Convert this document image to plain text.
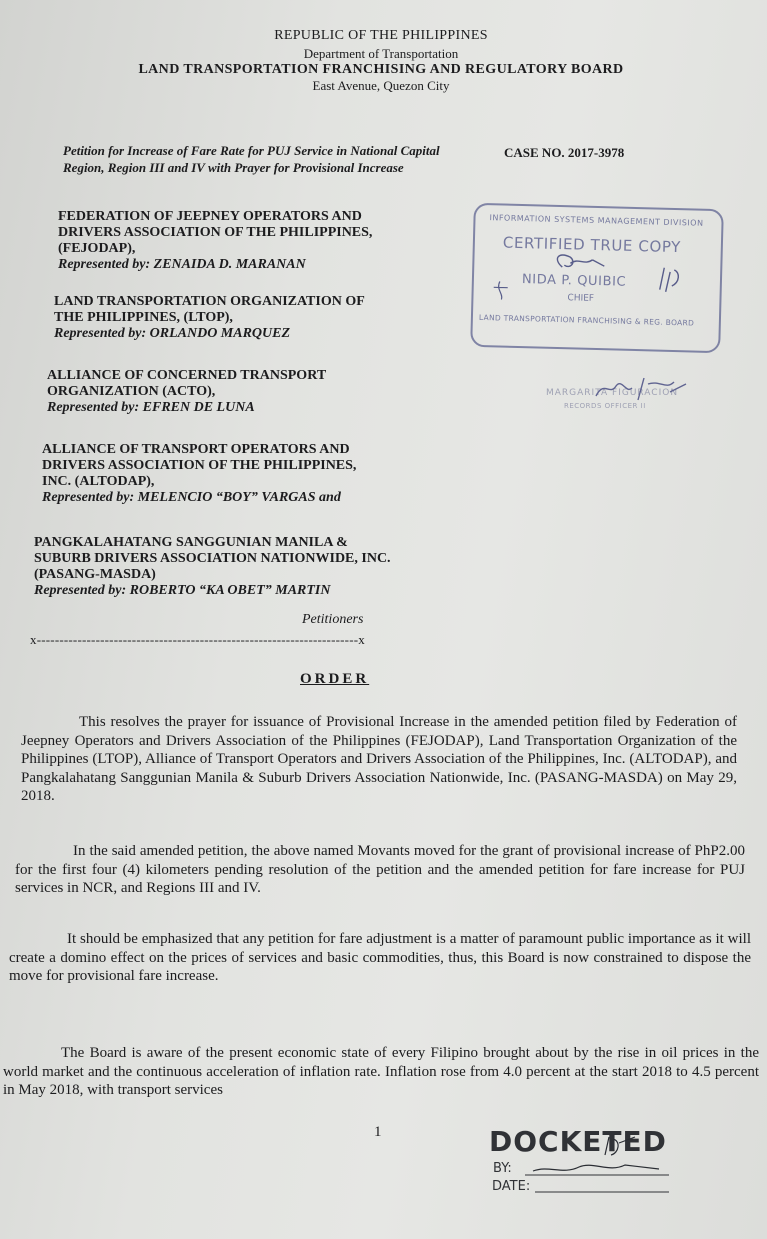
REPUBLIC OF THE PHILIPPINES
Department of Transportation
LAND TRANSPORTATION FRANCHISING AND REGULATORY BOARD
East Avenue, Quezon City
Petition for Increase of Fare Rate for PUJ Service in National Capital Region, Region III and IV with Prayer for Provisional Increase
CASE NO. 2017-3978
FEDERATION OF JEEPNEY OPERATORS AND
DRIVERS ASSOCIATION OF THE PHILIPPINES,
(FEJODAP),
Represented by: ZENAIDA D. MARANAN
LAND TRANSPORTATION ORGANIZATION OF
THE PHILIPPINES, (LTOP),
Represented by: ORLANDO MARQUEZ
ALLIANCE OF CONCERNED TRANSPORT
ORGANIZATION (ACTO),
Represented by: EFREN DE LUNA
ALLIANCE OF TRANSPORT OPERATORS AND
DRIVERS ASSOCIATION OF THE PHILIPPINES,
INC. (ALTODAP),
Represented by: MELENCIO “BOY” VARGAS and
PANGKALAHATANG SANGGUNIAN MANILA &
SUBURB DRIVERS ASSOCIATION NATIONWIDE, INC.
(PASANG-MASDA)
Represented by: ROBERTO “KA OBET” MARTIN
Petitioners
x-----------------------------------------------------------------------x
ORDER
This resolves the prayer for issuance of Provisional Increase in the amended petition filed by Federation of Jeepney Operators and Drivers Association of the Philippines (FEJODAP), Land Transportation Organization of the Philippines (LTOP), Alliance of Transport Operators and Drivers Association of the Philippines, Inc. (ALTODAP), and Pangkalahatang Sanggunian Manila & Suburb Drivers Association Nationwide, Inc. (PASANG-MASDA) on May 29, 2018.
In the said amended petition, the above named Movants moved for the grant of provisional increase of PhP2.00 for the first four (4) kilometers pending resolution of the petition and the amended petition for fare increase for PUJ services in NCR, and Regions III and IV.
It should be emphasized that any petition for fare adjustment is a matter of paramount public importance as it will create a domino effect on the prices of services and basic commodities, thus, this Board is now constrained to dispose the move for provisional fare increase.
The Board is aware of the present economic state of every Filipino brought about by the rise in oil prices in the world market and the continuous acceleration of inflation rate. Inflation rose from 4.0 percent at the start 2018 to 4.5 percent in May 2018, with transport services
1
INFORMATION SYSTEMS MANAGEMENT DIVISION
CERTIFIED TRUE COPY
NIDA P. QUIBIC
CHIEF
LAND TRANSPORTATION FRANCHISING & REG. BOARD
MARGARITA FIGURACION
RECORDS OFFICER II
DOCKETED
BY:
DATE:
